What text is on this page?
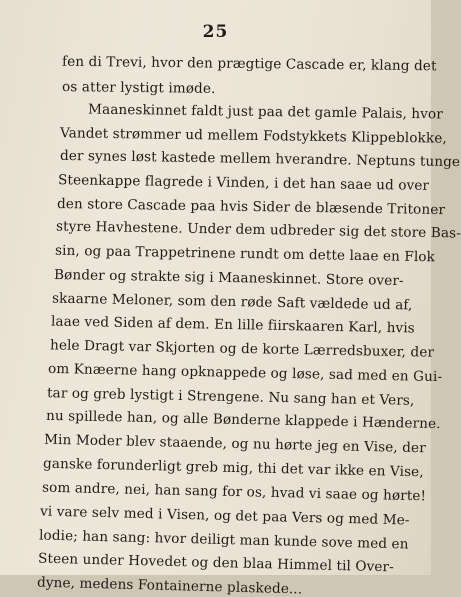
25
fen di Trevi, hvor den prægtige Cascade er, klang det
os atter lystigt imøde.
Maaneskinnet faldt just paa det gamle Palais, hvor
Vandet strømmer ud mellem Fodstykkets Klippeblokke,
der synes løst kastede mellem hverandre. Neptuns tunge
Steenkappe flagrede i Vinden, i det han saae ud over
den store Cascade paa hvis Sider de blæsende Tritoner
styre Havhestene. Under dem udbreder sig det store Bas-
sin, og paa Trappetrinene rundt om dette laae en Flok
Bønder og strakte sig i Maaneskinnet. Store over-
skaarne Meloner, som den røde Saft vældede ud af,
laae ved Siden af dem. En lille fiirskaaren Karl, hvis
hele Dragt var Skjorten og de korte Lærredsbuxer, der
om Knæerne hang opknappede og løse, sad med en Gui-
tar og greb lystigt i Strengene. Nu sang han et Vers,
nu spillede han, og alle Bønderne klappede i Hænderne.
Min Moder blev staaende, og nu hørte jeg en Vise, der
ganske forunderligt greb mig, thi det var ikke en Vise,
som andre, nei, han sang for os, hvad vi saae og hørte!
vi vare selv med i Visen, og det paa Vers og med Me-
lodie; han sang: hvor deiligt man kunde sove med en
Steen under Hovedet og den blaa Himmel til Over-
dyne, medens Fontainerne plaskede...
